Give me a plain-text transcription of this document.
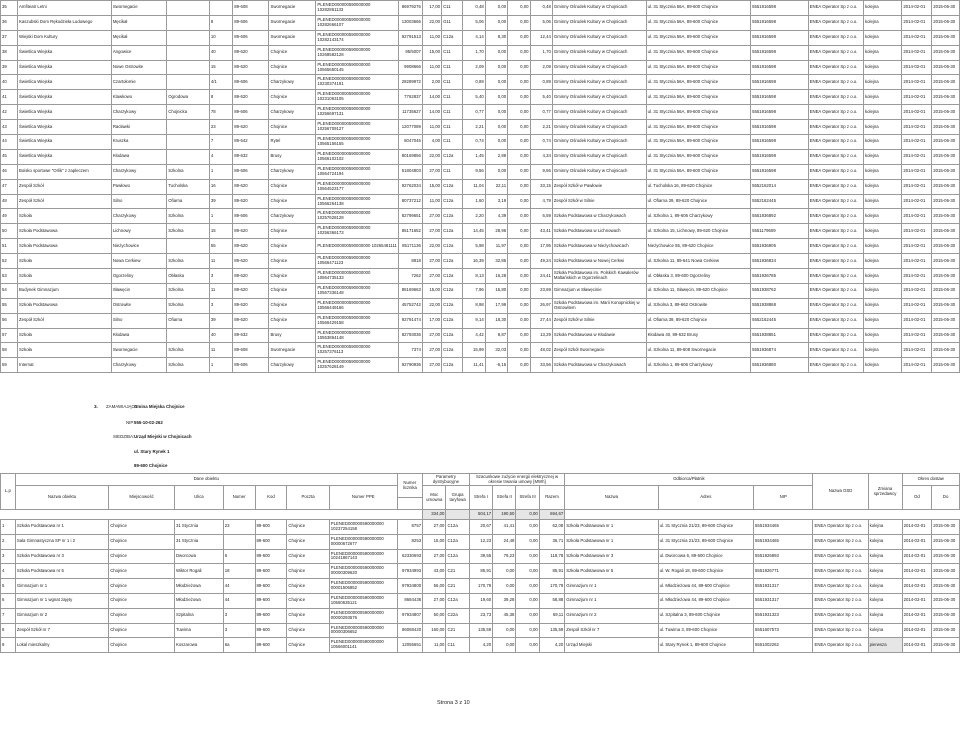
35	Amfiteatr Letni	Swornegacie			89-608	Swornegacie	PLENED000000590000000 10282861133	86979276	17,00	C11	0,48	0,00	0,00	0,48	Gminny Ośrodek Kultury w Chojnicach	ul. 31 Stycznia 56A, 89-600 Chojnice	5551916598	ENEA Operator Sp z o.o.	kolejna	2014-02-01	2015-06-30
36	Kaszubski Dom Rękodzieła Ludowego	Męcikał		8	89-606	Swornegacie	PLENED000000590000000 10282666107	13003666	22,00	G11	5,06	0,00	0,00	5,06	Gminny Ośrodek Kultury w Chojnicach	ul. 31 Stycznia 56A, 89-600 Chojnice	5551916598	ENEA Operator Sp z o.o.	kolejna	2014-02-01	2015-06-30
37	Wiejski Dom Kultury	Męcikał		10	89-606	Swornegacie	PLENED000000590000000 10282143174	92791513	11,00	C12a	4,14	8,30	0,00	12,44	Gminny Ośrodek Kultury w Chojnicach	ul. 31 Stycznia 56A, 89-600 Chojnice	5551916598	ENEA Operator Sp z o.o.	kolejna	2014-02-01	2015-06-30
38	Świetlica Wiejska	Angowice		40	89-620	Chojnice	PLENED000000590000000 10268582128	95/5007	15,00	C11	1,70	0,00	0,00	1,70	Gminny Ośrodek Kultury w Chojnicach	ul. 31 Stycznia 56A, 89-600 Chojnice	5551916598	ENEA Operator Sp z o.o.	kolejna	2014-02-01	2015-06-30
39	Świetlica Wiejska	Nowe Ostrowite		15	89-620	Chojnice	PLENED000000590000000 10565650145	9908666	11,00	C11	2,09	0,00	0,00	2,09	Gminny Ośrodek Kultury w Chojnicach	ul. 31 Stycznia 56A, 89-600 Chojnice	5551916598	ENEA Operator Sp z o.o.	kolejna	2014-02-01	2015-06-30
40	Świetlica Wiejska	Czartołomie		4/1	89-606	Charzykowy	PLENED000000590000000 10230374191	28289972	2,00	C11	0,89	0,00	0,00	0,89	Gminny Ośrodek Kultury w Chojnicach	ul. 31 Stycznia 56A, 89-600 Chojnice	5551916598	ENEA Operator Sp z o.o.	kolejna	2014-02-01	2015-06-30
41	Świetlica Wiejska	Klawkowo	Ogrodowa	8	89-620	Chojnice	PLENED000000590000000 10231063105	7762837	14,00	C11	5,40	0,00	0,00	5,40	Gminny Ośrodek Kultury w Chojnicach	ul. 31 Stycznia 56A, 89-600 Chojnice	5551916598	ENEA Operator Sp z o.o.	kolejna	2014-02-01	2015-06-30
42	Świetlica Wiejska	Charzykowy	Chojnicka	78	89-606	Charzykowy	PLENED000000590000000 10256697131	11735627	14,00	C11	0,77	0,00	0,00	0,77	Gminny Ośrodek Kultury w Chojnicach	ul. 31 Stycznia 56A, 89-600 Chojnice	5551916598	ENEA Operator Sp z o.o.	kolejna	2014-02-01	2015-06-30
43	Świetlica Wiejska	Racławki		23	89-620	Chojnice	PLENED000000590000000 10256709127	12077089	11,00	C11	2,21	0,00	0,00	2,21	Gminny Ośrodek Kultury w Chojnicach	ul. 31 Stycznia 56A, 89-600 Chojnice	5551916598	ENEA Operator Sp z o.o.	kolejna	2014-02-01	2015-06-30
44	Świetlica Wiejska	Kruszka		7	89-642	Rytel	PLENED000000590000000 10565156155	8047046	4,00	C11	0,74	0,00	0,00	0,74	Gminny Ośrodek Kultury w Chojnicach	ul. 31 Stycznia 56A, 89-600 Chojnice	5551916598	ENEA Operator Sp z o.o.	kolejna	2014-02-01	2015-06-30
45	Świetlica Wiejska	Kłodawa		4	89-632	Brusy	PLENED000000590000000 10566102102	80169856	22,00	C12a	1,45	2,89	0,00	4,34	Gminny Ośrodek Kultury w Chojnicach	ul. 31 Stycznia 56A, 89-600 Chojnice	5551916598	ENEA Operator Sp z o.o.	kolejna	2014-02-01	2015-06-30
46	Boisko sportowe "Orlik" z zapleczem	Charzykowy	Szkolna	1	89-606	Charzykowy	PLENED000000590000000 10564724194	51804803	27,00	C11	9,56	0,00	0,00	9,56	Gminny Ośrodek Kultury w Chojnicach	ul. 31 Stycznia 56A, 89-600 Chojnice	5551916598	ENEA Operator Sp z o.o.	kolejna	2014-02-01	2015-06-30
47	Zespół Szkół	Pawłowo	Tucholska	16	89-620	Chojnice	PLENED000000590000000 10564523177	92762034	15,00	C12a	11,04	22,11	0,00	33,15	Zespół Szkół w Pawłowie	ul. Tucholska 16, 89-620 Chojnice	5552162014	ENEA Operator Sp z o.o.	kolejna	2014-02-01	2015-06-30
48	Zespół Szkół	Silno	Ofiarna	39	89-620	Chojnice	PLENED000000590000000 10566264138	80737212	11,00	C12a	1,60	3,19	0,00	4,79	Zespół Szkół w Silnie	ul. Ofiarna 39, 89-620 Chojnice	5552162445	ENEA Operator Sp z o.o.	kolejna	2014-02-01	2015-06-30
49	Szkoła	Charzykowy	Szkolna	1	89-606	Charzykowy	PLENED000000590000000 10257628128	82799651	27,00	C12a	2,20	4,39	0,00	6,59	Szkoła Podstawowa w Charzykowach	ul. Szkolna 1, 89-606 Charzykowy	5551936892	ENEA Operator Sp z o.o.	kolejna	2014-02-01	2015-06-30
50	Szkoła Podstawowa	Lichnowy	Szkolna	15	89-620	Chojnice	PLENED000000590000000 10256366173	85171652	27,00	C12a	14,45	28,96	0,00	43,41	Szkoła Podstawowa w Lichnowach	ul. Szkolna 15, Lichnowy, 89-620 Chojnice	5551179609	ENEA Operator Sp z o.o.	kolejna	2014-02-01	2015-06-30
51	Szkoła Podstawowa	Nieżychowice		55	89-620	Chojnice	PLENED000000590000000 10265481111	85171136	22,00	C12a	5,98	11,97	0,00	17,95	Szkoła Podstawowa w Nieżychowicach	Nieżychowice 55, 89-620 Chojnice	5551936905	ENEA Operator Sp z o.o.	kolejna	2014-02-01	2015-06-30
52	Szkoła	Nowa Cerkiew	Szkolna	11	89-620	Chojnice	PLENED000000590000000 10566471123	8818	27,00	C12a	16,39	32,85	0,00	49,24	Szkoła Podstawowa w Nowej Cerkwi	ul. Szkolna 11, 89-641 Nowa Cerkiew	5551936834	ENEA Operator Sp z o.o.	kolejna	2014-02-01	2015-06-30
53	Szkoła	Ogorzeliny	Obłaska	3	89-620	Chojnice	PLENED000000590000000 10564735133	7262	27,00	C12a	8,13	16,28	0,00	24,41	Szkoła Podstawowa im. Polskich Kawalerów Maltańskich w Ogorzelinach	ul. Obłaska 3, 89-600 Ogorzeliny	5551936785	ENEA Operator Sp z o.o.	kolejna	2014-02-01	2015-06-30
54	Budynek Gimnazjum	Sławęcin	Szkolna	11	89-620	Chojnice	PLENED000000590000000 10567336148	85169663	15,00	C12a	7,96	15,80	0,00	23,69	Gimnazjum w Sławęcinie	ul. Szkolna 11, Sławęcin, 89-620 Chojnice	5551938762	ENEA Operator Sp z o.o.	kolejna	2014-02-01	2015-06-30
55	Szkoła Podstawowa	Ostrowite	Szkolna	3	89-620	Chojnice	PLENED000000590000000 10566449166	45752742	22,00	C12a	8,98	17,99	0,00	26,97	Szkoła Podstawowa im. Marii Konopnickiej w Ostrowitem	ul. Szkolna 3, 89-662 Ostrowite	5551938868	ENEA Operator Sp z o.o.	kolejna	2014-02-01	2015-06-30
56	Zespół Szkół	Silno	Ofiarna	39	89-620	Chojnice	PLENED000000590000000 10566429158	92791474	17,00	C12a	9,14	18,30	0,00	27,44	Zespół Szkół w Silnie	ul. Ofiarna 39, 89-620 Chojnice	5552162445	ENEA Operator Sp z o.o.	kolejna	2014-02-01	2015-06-30
57	Szkoła	Kłodawa		40	89-632	Brusy	PLENED000000590000000 10553864148	82793036	27,00	C12a	4,42	8,87	0,00	13,29	Szkoła Podstawowa w Kłodawie	Kłodawa 40, 89-632 Brusy	5551938851	ENEA Operator Sp z o.o.	kolejna	2014-02-01	2015-06-30
58	Szkoła	Swornegacie	Szkolna	11	89-608	Swornegacie	PLENED000000590000000 10257376113	7374	27,00	C12a	15,99	32,03	0,00	48,02	Zespół Szkół Swornegacie	ul. Szkolna 11, 89-608 Swornegacie	5551936874	ENEA Operator Sp z o.o.	kolejna	2014-02-01	2015-06-30
59	Internat	Charzykowy	Szkolna	1	89-606	Charzykowy	PLENED000000590000000 10257628149	92790936	27,00	C12a	11,41	-6,15	0,00	33,56	Szkoła Podstawowa w Charzykowach	ul. Szkolna 1, 89-606 Charzykowy	5551936880	ENEA Operator Sp z o.o.	kolejna	2014-02-01	2015-06-30
3. ZAMAWIAJĄCY:
Gmina Miejska Chojnice
NIP: 555-10-02-262
SIEDZIBA: Urząd Miejski w Chojnicach
ul. Stary Rynek 1
89-600 Chojnice
L.p	Dane obiektu							Numer licznika	Parametry dystrybucyjne		Szacunkowe zużycie energii elektrycznej w okresie trwania umowy [MWh]				Odbiorca/Płatnik			Nazwa OSD	Zmiana sprzedawcy	Okres dostaw	
	Nazwa obiektu	Miejscowość	Ulica	Numer	Kod	Poczta	Numer PPE		Moc umowna	Grupa taryfowa	Strefa I	Strefa II	Strefa III	Razem	Nazwa	Adres	NIP			Od	Do

									334,00		504,17	190,50	0,00	694,67							
1	Szkoła Podstawowa nr 1	Chojnice	31 Stycznia	23	89-600	Chojnice	PLENED000000590000000 10237254158	8757	27,00	C12a	20,67	41,41	0,00	62,08	Szkoła Podstawowa nr 1	ul. 31 Stycznia 21/23, 89-600 Chojnice	5551934465	ENEA Operator Sp z o.o.	kolejna	2014-02-01	2015-06-30
2	Sala Gimnastyczna SP nr 1 i 2	Chojnice	31 Stycznia		89-600	Chojnice	PLENED000000590000000 00000672677	8253	15,00	C12a	12,23	24,48	0,00	36,71	Szkoła Podstawowa nr 1	ul. 31 Stycznia 21/23, 89-600 Chojnice	5551934465	ENEA Operator Sp z o.o.	kolejna	2014-02-01	2015-06-30
3	Szkoła Podstawowa nr 3	Chojnice	Dworcowa	6	89-600	Chojnice	PLENED000000590000000 10241867143	62330693	27,00	C12a	39,55	79,23	0,00	118,78	Szkoła Podstawowa nr 3	ul. Dworcowa 6, 89-600 Chojnice	5551926893	ENEA Operator Sp z o.o.	kolejna	2014-02-01	2015-06-30
4	Szkoła Podstawowa nr 5	Chojnice	Wiktor Rogali	18	89-600	Chojnice	PLENED000000590000000 00000309620	97934993	43,00	C21	85,91	0,00	0,00	85,91	Szkoła Podstawowa nr 5	ul. W. Rogali 18, 89-600 Chojnice	5551926771	ENEA Operator Sp z o.o.	kolejna	2014-02-01	2015-06-30
5	Gimnazjum nr 1	Chojnice	Młodzieżowa	44	89-600	Chojnice	PLENED000000590000000 00001506852	97934800	56,00	C21	170,79	0,00	0,00	170,79	Gimnazjum nr 1	ul. Młodzieżowa 44, 89-600 Chojnice	5551931317	ENEA Operator Sp z o.o.	kolejna	2014-02-01	2015-06-30
6	Gimnazjum nr 1 wgnat zajęty	Chojnice	Młodzieżowa	44	89-600	Chojnice	PLENED000000590000000 10550635121	8684436	27,00	C12a	19,60	39,28	0,00	58,88	Gimnazjum nr 1	ul. Młodzieżowa 44, 89-600 Chojnice	5551931317	ENEA Operator Sp z o.o.	kolejna	2014-02-01	2015-06-30
7	Gimnazjum nr 2	Chojnice	Szpitalna	3	89-600	Chojnice	PLENED000000590000000 00000293576	97934807	50,00	C22a	23,73	45,38	0,00	69,11	Gimnazjum nr 2	ul. Szpitalna 3, 89-600 Chojnice	5551931323	ENEA Operator Sp z o.o.	kolejna	2014-02-01	2015-06-30
8	Zespół Szkół nr 7	Chojnice	Tuwima	3	89-600	Chojnice	PLENED000000590000000 00000306652	86068420	160,00	C21	135,59	0,00	0,00	135,59	Zespół Szkół nr 7	ul. Tuwima 3, 89-600 Chojnice	5551607573	ENEA Operator Sp z o.o.	kolejna	2014-02-01	2015-06-30
9	Lokal mieszkalny	Chojnice	Koszarowa	6a	89-600	Chojnice	PLENED000000590000000 10566001141	12055651	11,00	C11	4,20	0,00	0,00	4,20	Urząd Miejski	ul. Stary Rynek 1, 89-600 Chojnice	5551002262	ENEA Operator Sp z o.o.	pierwsza	2014-02-01	2015-06-30
Strona 3 z 10
